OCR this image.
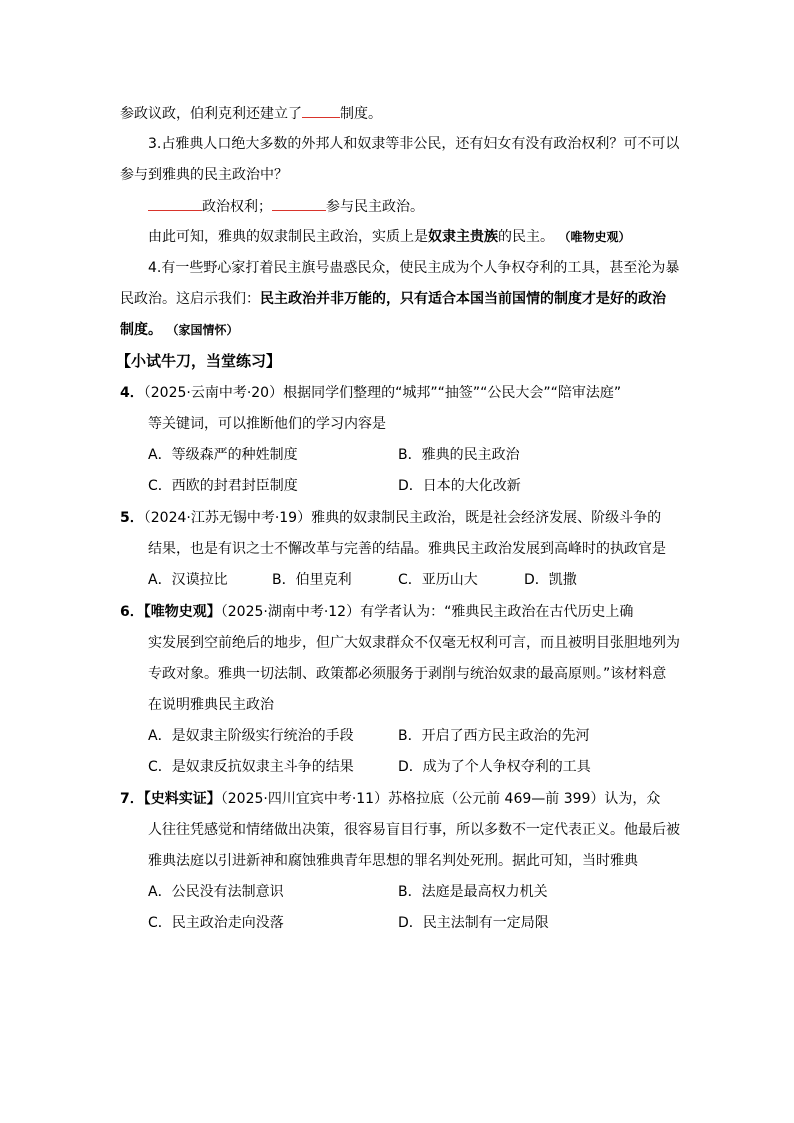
参政议政，伯利克利还建立了	制度。
3.占雅典人口绝大多数的外邦人和奴隶等非公民，还有妇女有没有政治权利？可不可以
参与到雅典的民主政治中？
政治权利；	参与民主政治。
由此可知，雅典的奴隶制民主政治，实质上是奴隶主贵族的民主。 （唯物史观）
4.有一些野心家打着民主旗号蛊惑民众，使民主成为个人争权夺利的工具，甚至沦为暴
民政治。这启示我们：民主政治并非万能的，只有适合本国当前国情的制度才是好的政治
制度。 （家国情怀）
【小试牛刀，当堂练习】
4．（2025·云南中考·20）根据同学们整理的“城邦”“抽签”“公民大会”“陪审法庭”
等关键词，可以推断他们的学习内容是
A．等级森严的种姓制度	B．雅典的民主政治
C．西欧的封君封臣制度	D．日本的大化改新
5．（2024·江苏无锡中考·19）雅典的奴隶制民主政治，既是社会经济发展、阶级斗争的
结果，也是有识之士不懈改革与完善的结晶。雅典民主政治发展到高峰时的执政官是
A．汉谟拉比	B．伯里克利	C．亚历山大	D．凯撒
6．【唯物史观】（2025·湖南中考·12）有学者认为：“雅典民主政治在古代历史上确
实发展到空前绝后的地步，但广大奴隶群众不仅毫无权利可言，而且被明目张胆地列为
专政对象。雅典一切法制、政策都必须服务于剥削与统治奴隶的最高原则。”该材料意
在说明雅典民主政治
A．是奴隶主阶级实行统治的手段	B．开启了西方民主政治的先河
C．是奴隶反抗奴隶主斗争的结果	D．成为了个人争权夺利的工具
7．【史料实证】（2025·四川宜宾中考·11）苏格拉底（公元前 469—前 399）认为，众
人往往凭感觉和情绪做出决策，很容易盲目行事，所以多数不一定代表正义。他最后被
雅典法庭以引进新神和腐蚀雅典青年思想的罪名判处死刑。据此可知，当时雅典
A．公民没有法制意识	B．法庭是最高权力机关
C．民主政治走向没落	D．民主法制有一定局限
